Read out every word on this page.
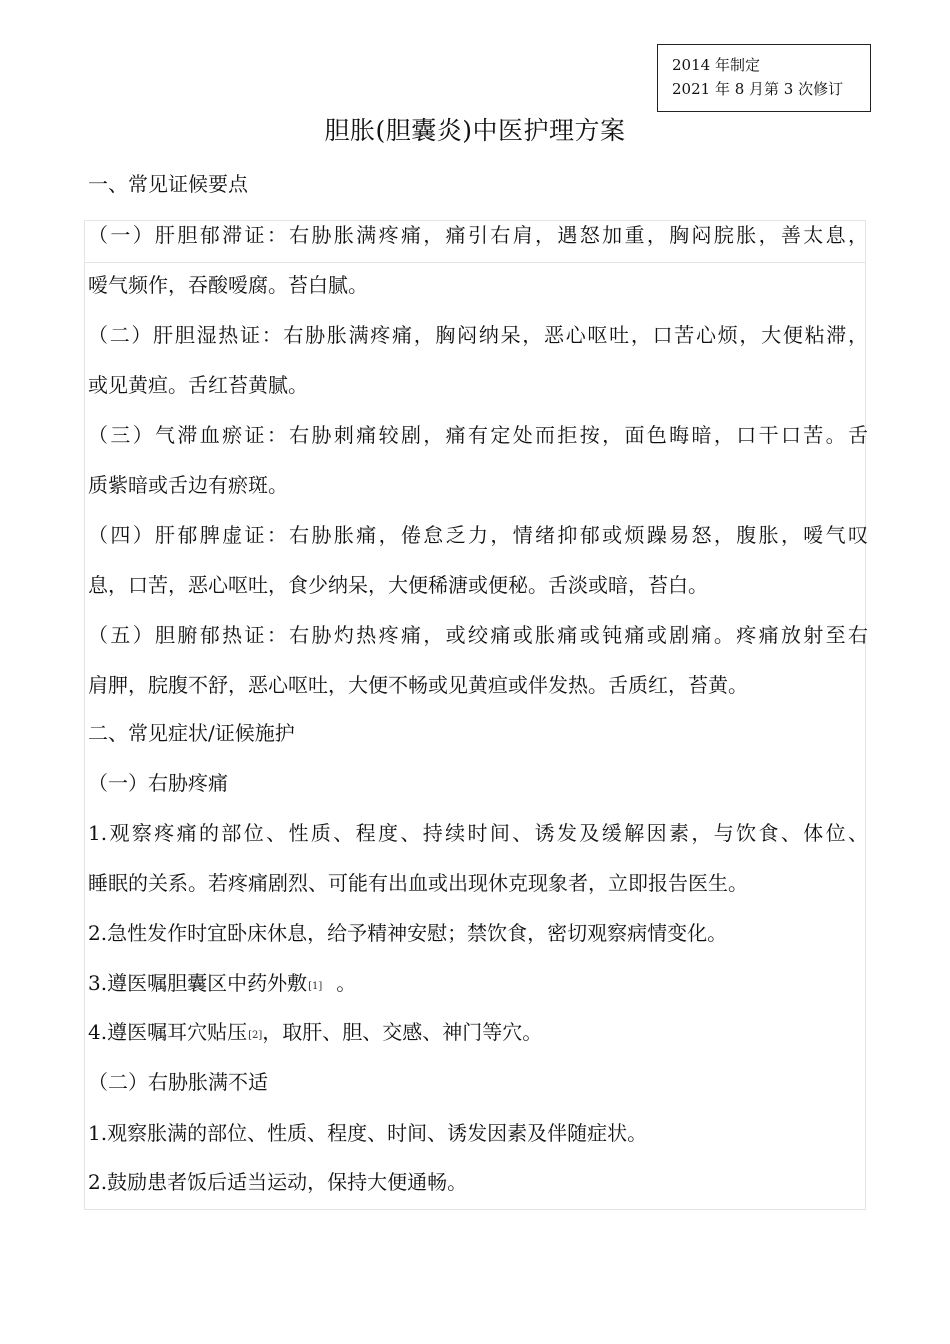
2014 年制定
2021 年 8 月第 3 次修订
胆胀(胆囊炎)中医护理方案
一、常见证候要点
（一）肝胆郁滞证：右胁胀满疼痛，痛引右肩，遇怒加重，胸闷脘胀，善太息，
嗳气频作，吞酸嗳腐。苔白腻。
（二）肝胆湿热证：右胁胀满疼痛，胸闷纳呆，恶心呕吐，口苦心烦，大便粘滞，
或见黄疸。舌红苔黄腻。
（三）气滞血瘀证：右胁刺痛较剧，痛有定处而拒按，面色晦暗，口干口苦。舌
质紫暗或舌边有瘀斑。
（四）肝郁脾虚证：右胁胀痛，倦怠乏力，情绪抑郁或烦躁易怒，腹胀，嗳气叹
息，口苦，恶心呕吐，食少纳呆，大便稀溏或便秘。舌淡或暗，苔白。
（五）胆腑郁热证：右胁灼热疼痛，或绞痛或胀痛或钝痛或剧痛。疼痛放射至右
肩胛，脘腹不舒，恶心呕吐，大便不畅或见黄疸或伴发热。舌质红，苔黄。
二、常见症状/证候施护
（一）右胁疼痛
1.观察疼痛的部位、性质、程度、持续时间、诱发及缓解因素，与饮食、体位、
睡眠的关系。若疼痛剧烈、可能有出血或出现休克现象者，立即报告医生。
2.急性发作时宜卧床休息，给予精神安慰；禁饮食，密切观察病情变化。
3.遵医嘱胆囊区中药外敷[1] 。
4.遵医嘱耳穴贴压[2]，取肝、胆、交感、神门等穴。
（二）右胁胀满不适
1.观察胀满的部位、性质、程度、时间、诱发因素及伴随症状。
2.鼓励患者饭后适当运动，保持大便通畅。
